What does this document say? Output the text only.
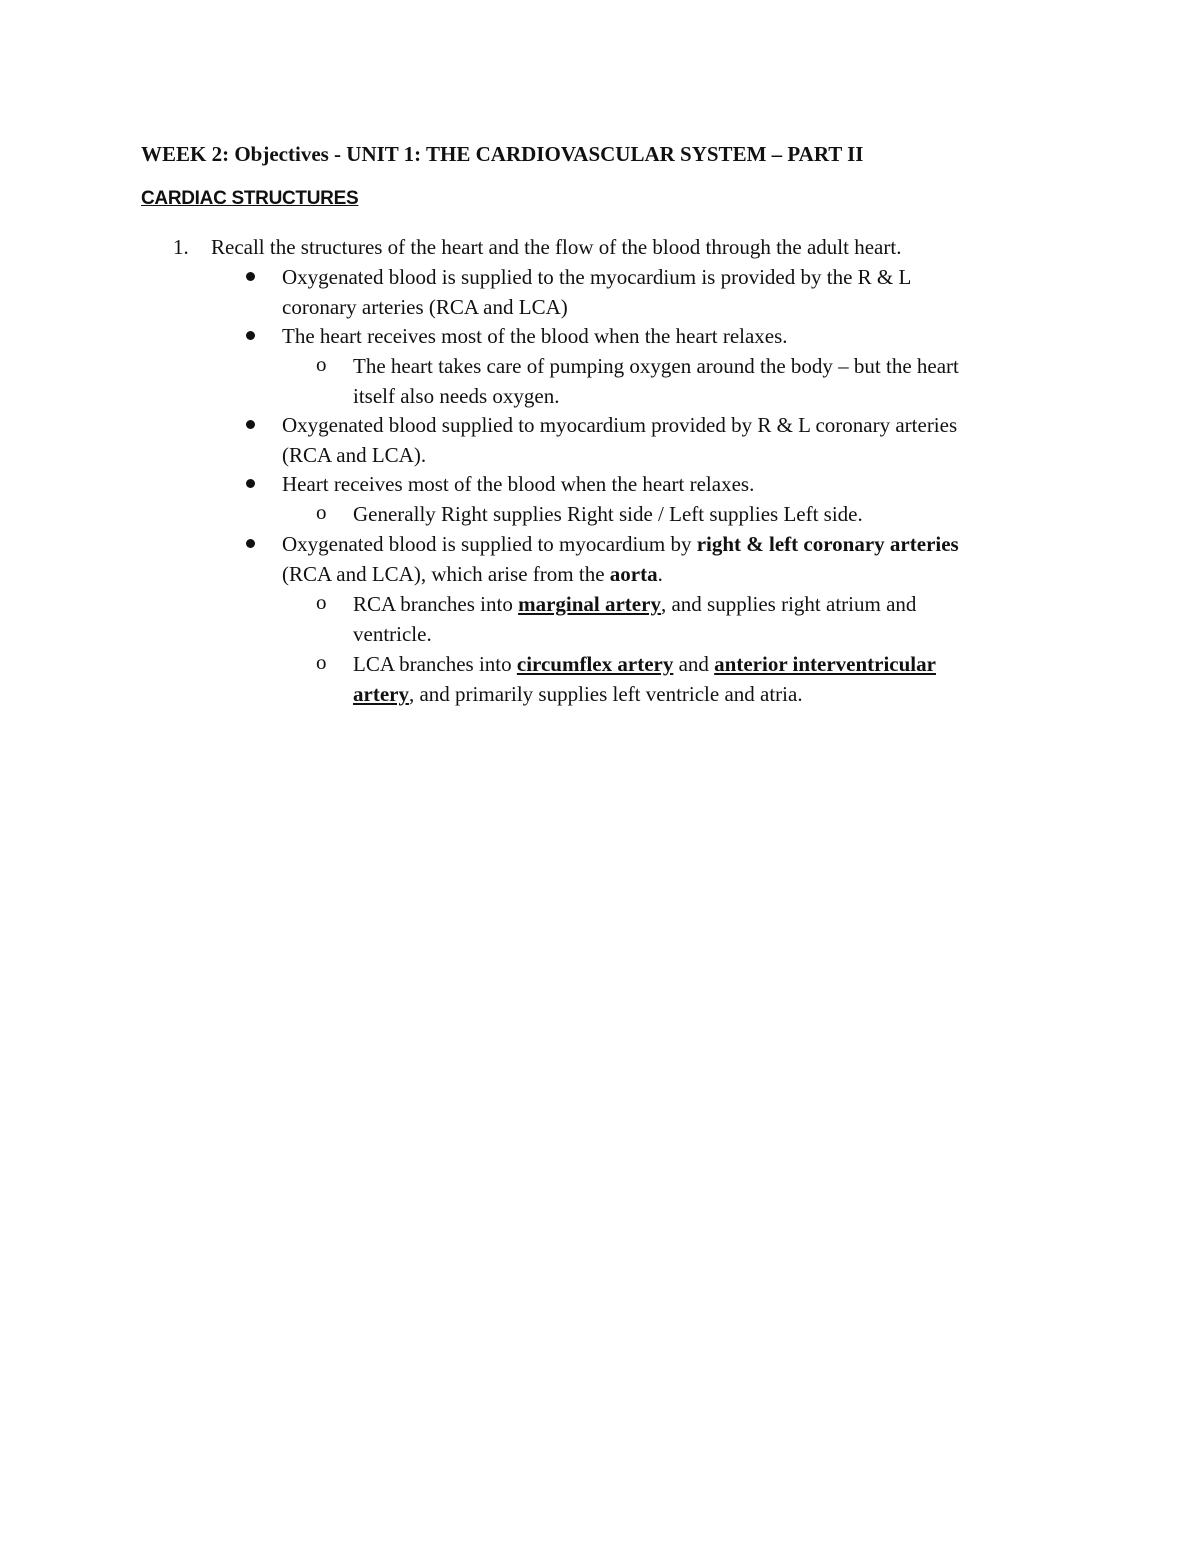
WEEK 2: Objectives - UNIT 1: THE CARDIOVASCULAR SYSTEM – PART II
CARDIAC STRUCTURES
1. Recall the structures of the heart and the flow of the blood through the adult heart.
Oxygenated blood is supplied to the myocardium is provided by the R & L
coronary arteries (RCA and LCA)
The heart receives most of the blood when the heart relaxes.
o The heart takes care of pumping oxygen around the body – but the heart
itself also needs oxygen.
Oxygenated blood supplied to myocardium provided by R & L coronary arteries
(RCA and LCA).
Heart receives most of the blood when the heart relaxes.
o Generally Right supplies Right side / Left supplies Left side.
Oxygenated blood is supplied to myocardium by right & left coronary arteries
(RCA and LCA), which arise from the aorta.
o RCA branches into marginal artery, and supplies right atrium and
ventricle.
o LCA branches into circumflex artery and anterior interventricular
artery, and primarily supplies left ventricle and atria.
